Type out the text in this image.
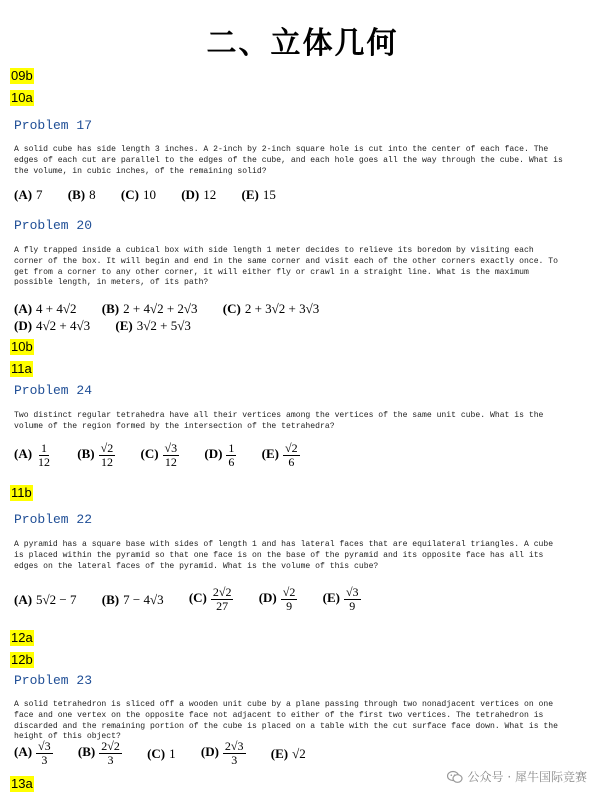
二、立体几何
09b
10a
Problem 17
A solid cube has side length 3 inches. A 2-inch by 2-inch square hole is cut into the center of each face. The edges of each cut are parallel to the edges of the cube, and each hole goes all the way through the cube. What is the volume, in cubic inches, of the remaining solid?
(A) 7 (B) 8 (C) 10 (D) 12 (E) 15
Problem 20
A fly trapped inside a cubical box with side length 1 meter decides to relieve its boredom by visiting each corner of the box. It will begin and end in the same corner and visit each of the other corners exactly once. To get from a corner to any other corner, it will either fly or crawl in a straight line. What is the maximum possible length, in meters, of its path?
(A) 4 + 4√2 (B) 2 + 4√2 + 2√3 (C) 2 + 3√2 + 3√3
(D) 4√2 + 4√3 (E) 3√2 + 5√3
10b
11a
Problem 24
Two distinct regular tetrahedra have all their vertices among the vertices of the same unit cube. What is the volume of the region formed by the intersection of the tetrahedra?
$(A) \frac{1}{12} (B) \frac{√2}{12} (C) \frac{√3}{12} (D) \frac{1}{6} (E) \frac{√2}{6}$
11b
Problem 22
A pyramid has a square base with sides of length 1 and has lateral faces that are equilateral triangles. A cube is placed within the pyramid so that one face is on the base of the pyramid and its opposite face has all its edges on the lateral faces of the pyramid. What is the volume of this cube?
(A) 5√2 − 7 (B) 7 − 4√3 $(C) \frac{2√2}{27} (D) \frac{√2}{9} (E) \frac{√3}{9}$
12a
12b
Problem 23
A solid tetrahedron is sliced off a wooden unit cube by a plane passing through two nonadjacent vertices on one face and one vertex on the opposite face not adjacent to either of the first two vertices. The tetrahedron is discarded and the remaining portion of the cube is placed on a table with the cut surface face down. What is the height of this object?
$(A) \frac{√3}{3} (B) \frac{2√2}{3} (C)$ 1 $(D) \frac{2√3}{3} (E)$ √2
13a	公众号 · 犀牛国际竞赛
